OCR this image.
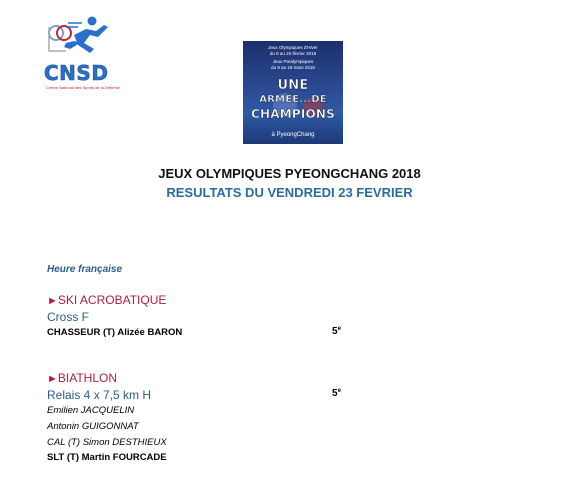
CNSD
Centre National des Sports de la Défense
Jeux Olympiques d'Hiver
du 9 au 25 février 2018
Jeux Paralympiques
du 9 au 18 mars 2018
UNE
ARMÉE...DE
CHAMPIONS
à PyeongChang
JEUX OLYMPIQUES PYEONGCHANG 2018
RESULTATS DU VENDREDI 23 FEVRIER
Heure française
►SKI ACROBATIQUE
Cross F
CHASSEUR (T) Alizée BARON	5e
►BIATHLON
Relais 4 x 7,5 km H	5e
Emilien JACQUELIN
Antonin GUIGONNAT
CAL (T) Simon DESTHIEUX
SLT (T) Martin FOURCADE
